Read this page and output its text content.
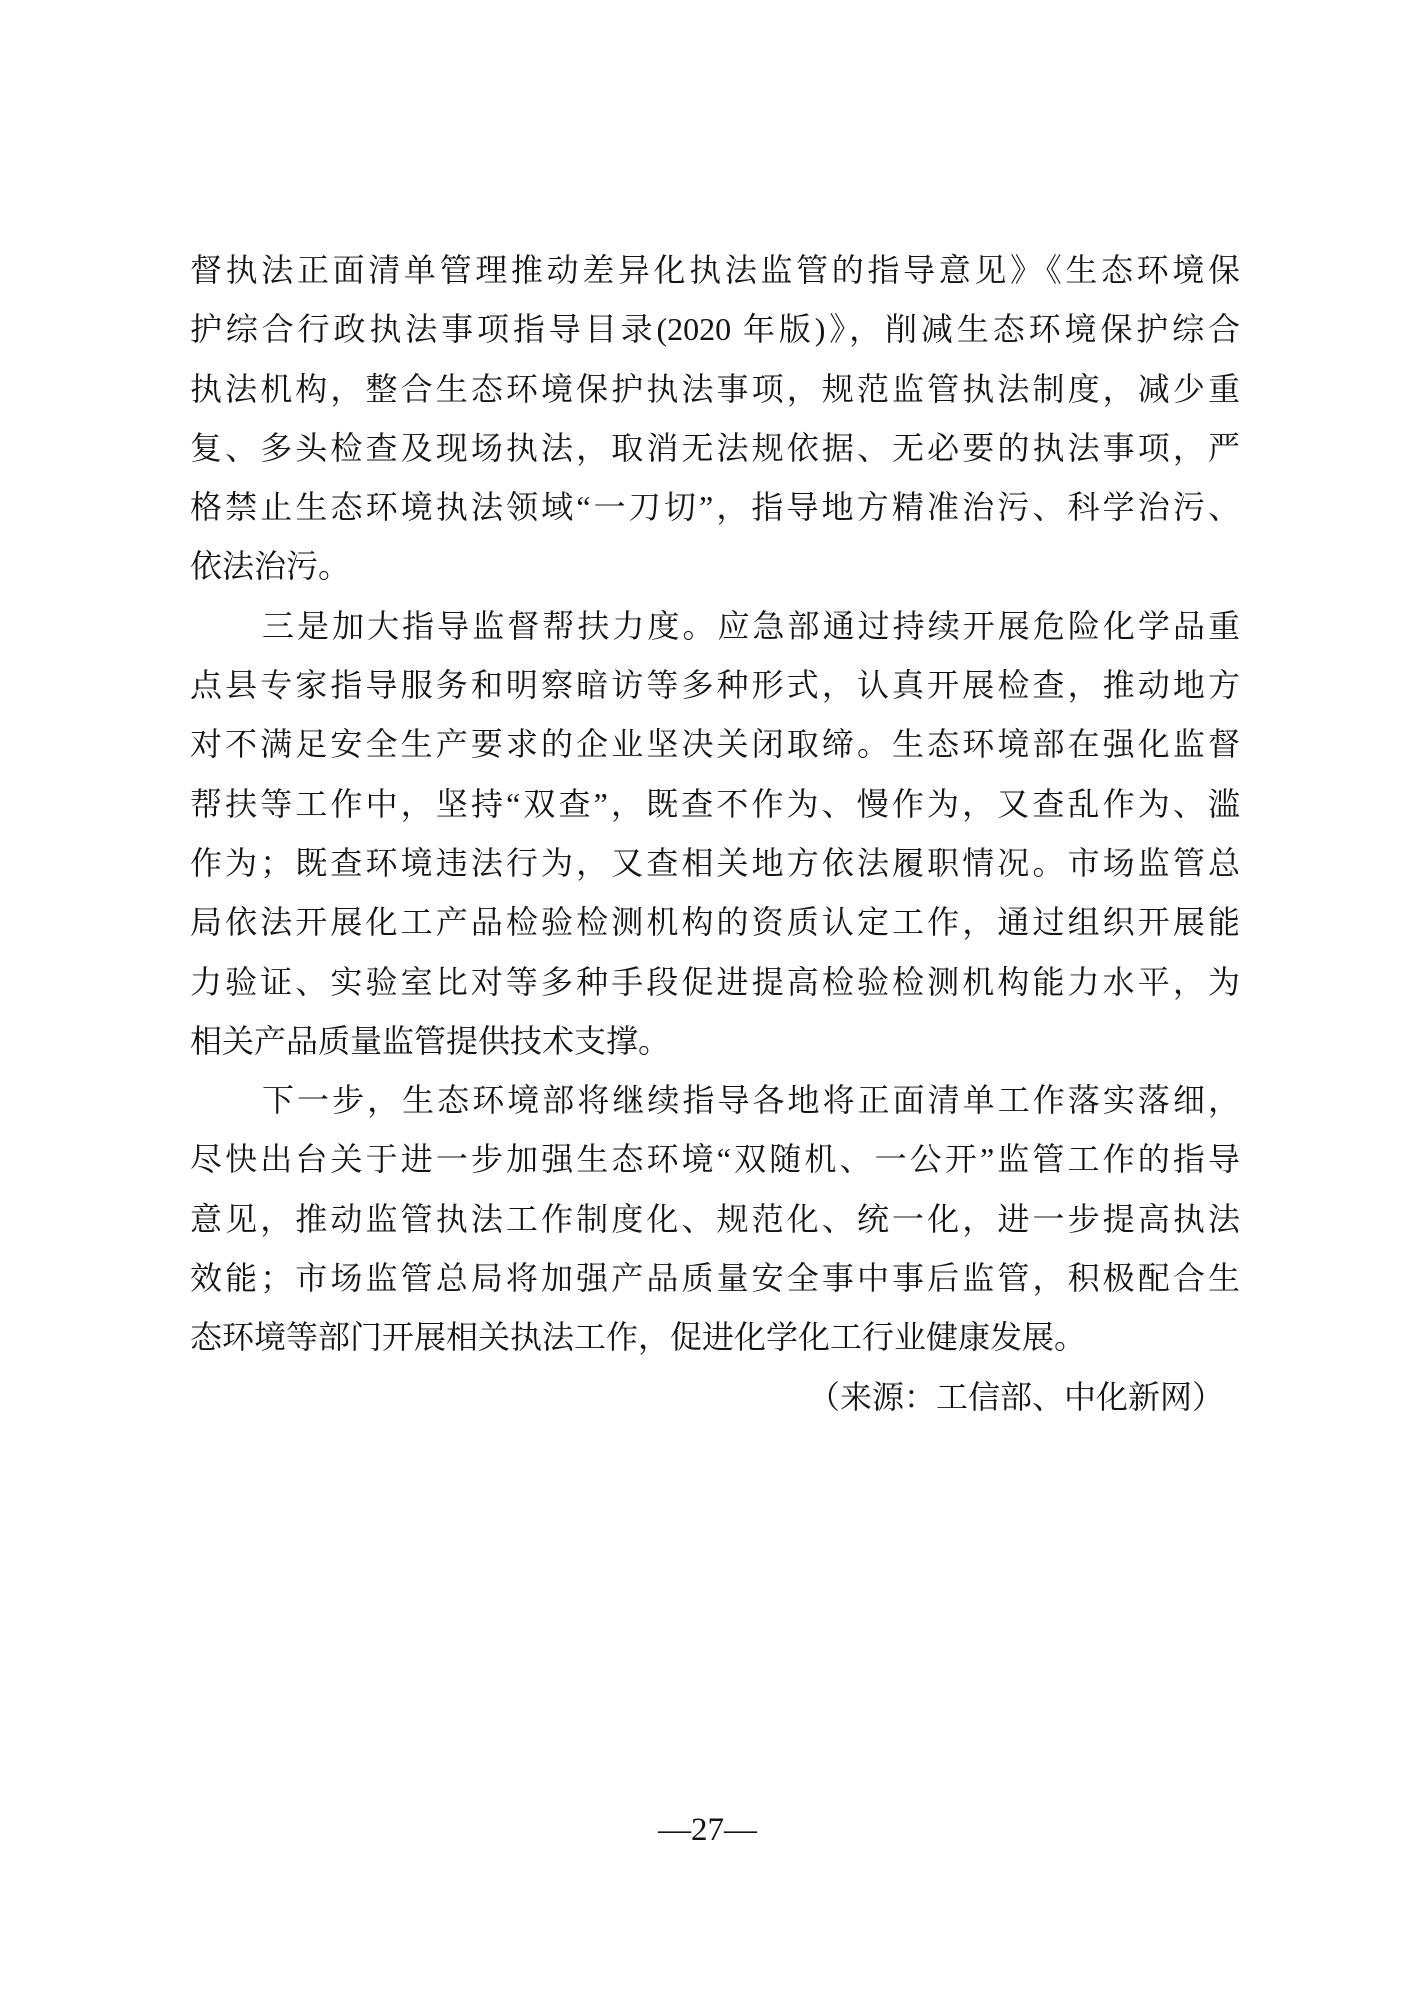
督执法正面清单管理推动差异化执法监管的指导意见》《生态环境保
护综合行政执法事项指导目录(2020 年版)》，削减生态环境保护综合
执法机构，整合生态环境保护执法事项，规范监管执法制度，减少重
复、多头检查及现场执法，取消无法规依据、无必要的执法事项，严
格禁止生态环境执法领域“一刀切”，指导地方精准治污、科学治污、
依法治污。
三是加大指导监督帮扶力度。应急部通过持续开展危险化学品重
点县专家指导服务和明察暗访等多种形式，认真开展检查，推动地方
对不满足安全生产要求的企业坚决关闭取缔。生态环境部在强化监督
帮扶等工作中，坚持“双查”，既查不作为、慢作为，又查乱作为、滥
作为；既查环境违法行为，又查相关地方依法履职情况。市场监管总
局依法开展化工产品检验检测机构的资质认定工作，通过组织开展能
力验证、实验室比对等多种手段促进提高检验检测机构能力水平，为
相关产品质量监管提供技术支撑。
下一步，生态环境部将继续指导各地将正面清单工作落实落细，
尽快出台关于进一步加强生态环境“双随机、一公开”监管工作的指导
意见，推动监管执法工作制度化、规范化、统一化，进一步提高执法
效能；市场监管总局将加强产品质量安全事中事后监管，积极配合生
态环境等部门开展相关执法工作，促进化学化工行业健康发展。
（来源：工信部、中化新网）
—27—
